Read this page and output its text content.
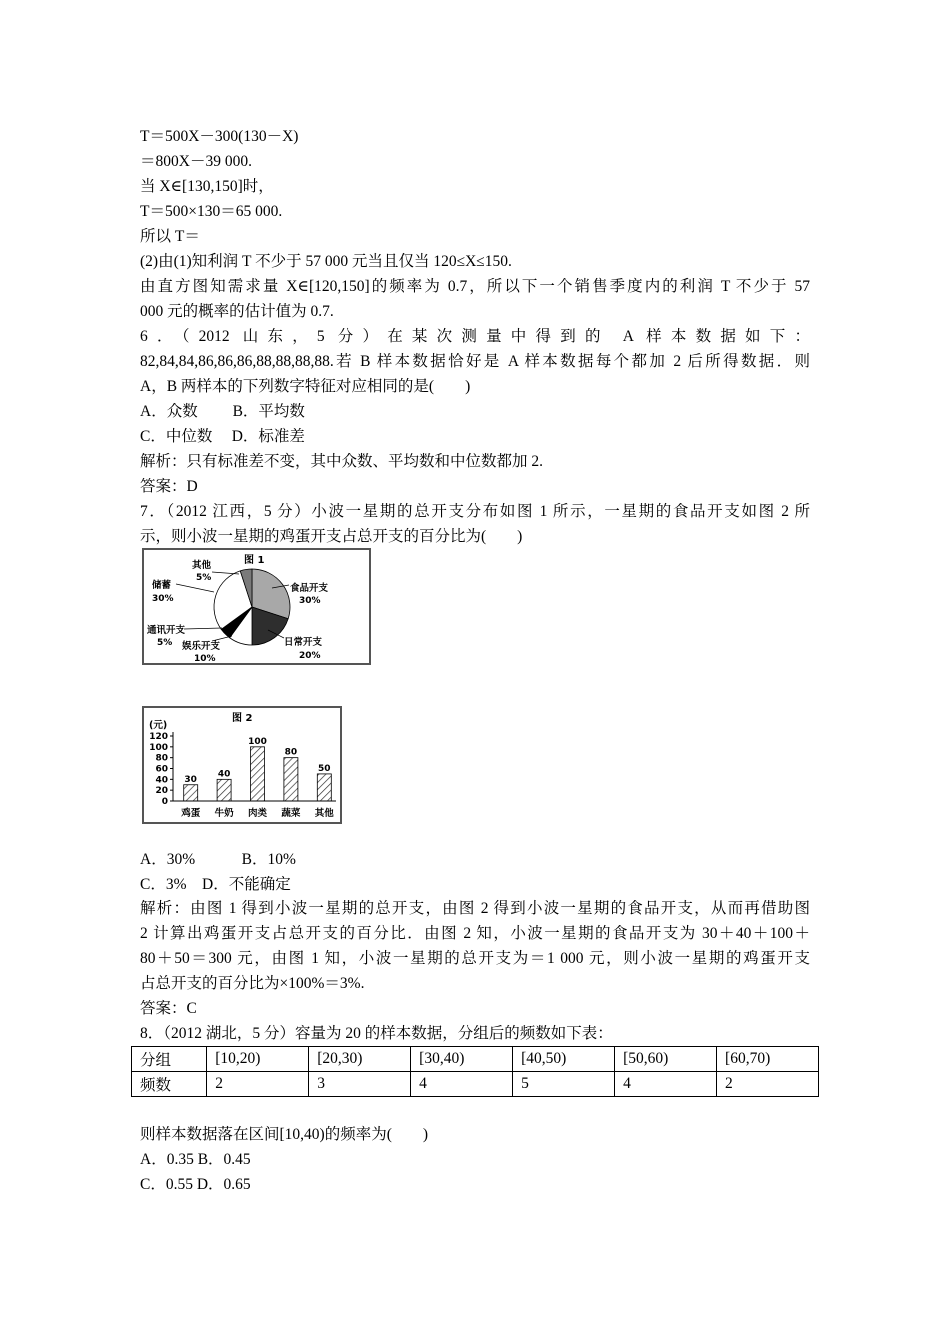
T＝500X－300(130－X)
＝800X－39 000.
当 X∈[130,150]时，
T＝500×130＝65 000.
所以 T＝
(2)由(1)知利润 T 不少于 57 000 元当且仅当 120≤X≤150.
由直方图知需求量 X∈[120,150]的频率为 0.7，所以下一个销售季度内的利润 T 不少于 57
000 元的概率的估计值为 0.7.
6．（2012 山东，5 分）在某次测量中得到的 A 样本数据如下：
82,84,84,86,86,86,88,88,88,88.若 B 样本数据恰好是 A 样本数据每个都加 2 后所得数据．则
A，B 两样本的下列数字特征对应相同的是(　　)
A．众数　　 B．平均数
C．中位数　 D．标准差
解析：只有标准差不变，其中众数、平均数和中位数都加 2.
答案：D
7．（2012 江西，5 分）小波一星期的总开支分布如图 1 所示，一星期的食品开支如图 2 所
示，则小波一星期的鸡蛋开支占总开支的百分比为(　　)
图 1
食品开支
30%
日常开支
20%
娱乐开支
10%
通讯开支
5%
储蓄
30%
其他
5%
图 2
(元)
0
20
40
60
80
100
120
30
鸡蛋
40
牛奶
100
肉类
80
蔬菜
50
其他
A．30%　　　B．10%
C．3%　D．不能确定
解析：由图 1 得到小波一星期的总开支，由图 2 得到小波一星期的食品开支，从而再借助图
2 计算出鸡蛋开支占总开支的百分比．由图 2 知，小波一星期的食品开支为 30＋40＋100＋
80＋50＝300 元，由图 1 知，小波一星期的总开支为＝1 000 元，则小波一星期的鸡蛋开支
占总开支的百分比为×100%＝3%.
答案：C
8．（2012 湖北，5 分）容量为 20 的样本数据，分组后的频数如下表：
分组	[10,20)	[20,30)	[30,40)	[40,50)	[50,60)	[60,70)
频数	2	3	4	5	4	2
则样本数据落在区间[10,40)的频率为(　　)
A．0.35 B．0.45
C．0.55 D．0.65
